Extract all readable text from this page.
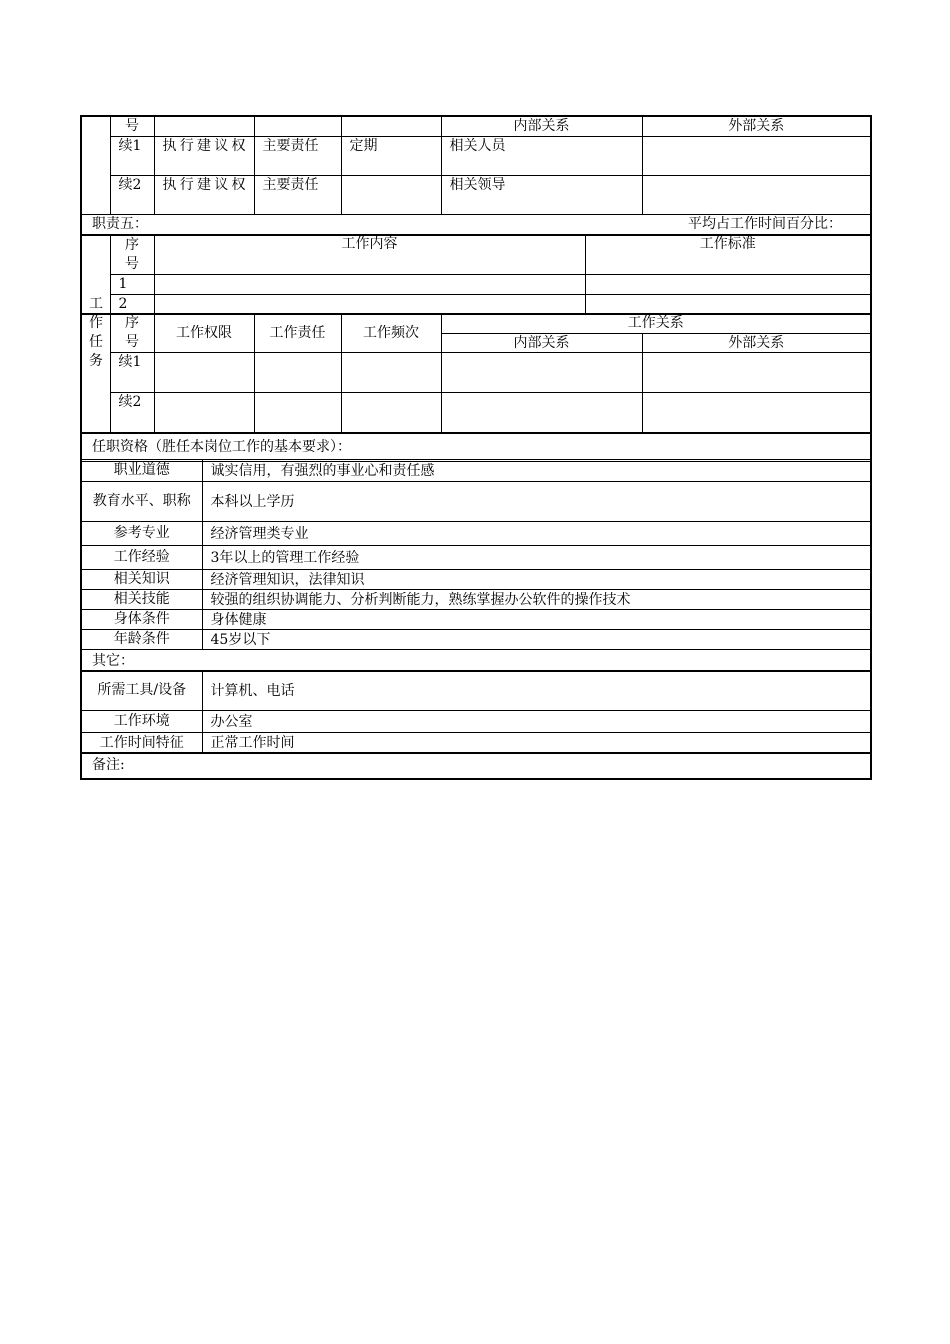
	号				内部关系	外部关系
	续1	执行建议权	主要责任	定期	相关人员	
	续2	执行建议权	主要责任		相关领导	
职责五：	平均占工作时间百分比：
	序号	工作内容	工作标准
	1		
	2		
工作任务
	序号	工作权限	工作责任	工作频次	工作关系	
					内部关系	外部关系
	续1					
	续2					
任职资格（胜任本岗位工作的基本要求）：
职业道德	诚实信用，有强烈的事业心和责任感
教育水平、职称	本科以上学历
参考专业	经济管理类专业
工作经验	3年以上的管理工作经验
相关知识	经济管理知识，法律知识
相关技能	较强的组织协调能力、分析判断能力，熟练掌握办公软件的操作技术
身体条件	身体健康
年龄条件	45岁以下
其它：
所需工具/设备	计算机、电话
工作环境	办公室
工作时间特征	正常工作时间
备注:
